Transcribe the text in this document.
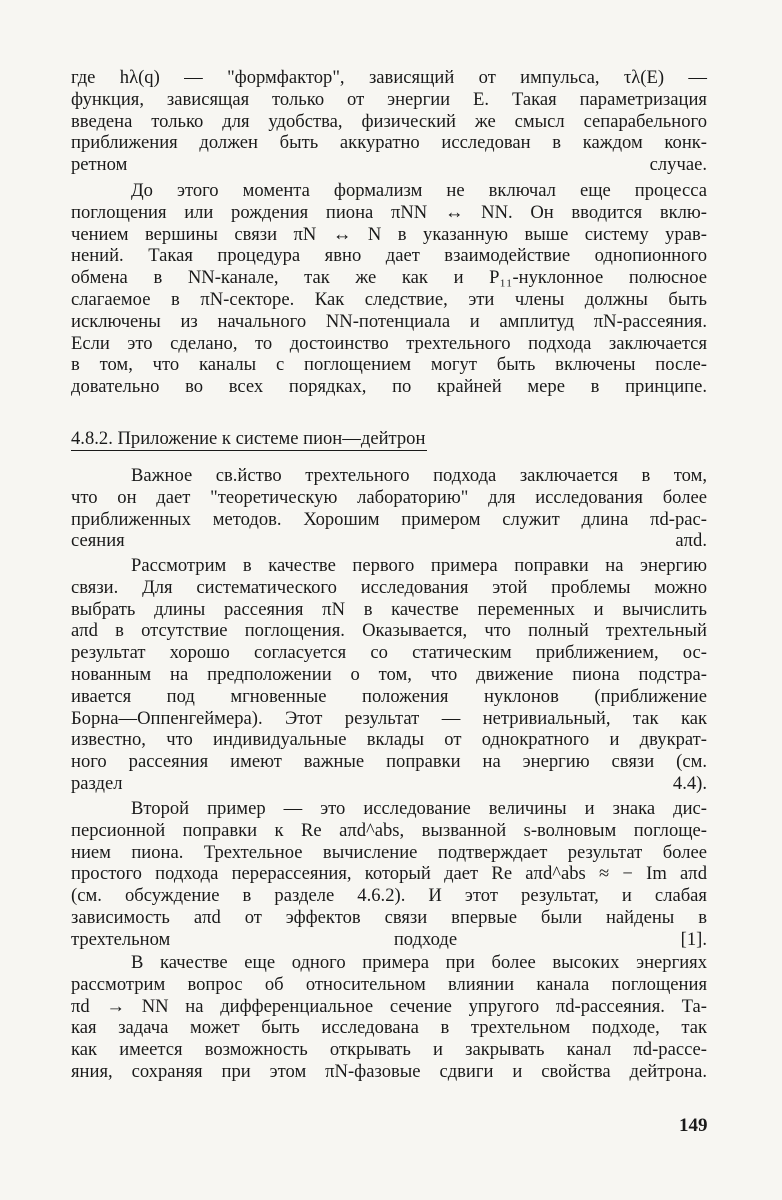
где hλ(q) — "формфактор", зависящий от импульса, τλ(E) —
функция, зависящая только от энергии E. Такая параметризация
введена только для удобства, физический же смысл сепарабельного
приближения должен быть аккуратно исследован в каждом конк-
ретном случае.
До этого момента формализм не включал еще процесса
поглощения или рождения пиона πNN ↔ NN. Он вводится вклю-
чением вершины связи πN ↔ N в указанную выше систему урав-
нений. Такая процедура явно дает взаимодействие однопионного
обмена в NN-канале, так же как и P₁₁-нуклонное полюсное
слагаемое в πN-секторе. Как следствие, эти члены должны быть
исключены из начального NN-потенциала и амплитуд πN-рассеяния.
Если это сделано, то достоинство трехтельного подхода заключается
в том, что каналы с поглощением могут быть включены после-
довательно во всех порядках, по крайней мере в принципе.
4.8.2. Приложение к системе пион—дейтрон
Важное св.йство трехтельного подхода заключается в том,
что он дает "теоретическую лабораторию" для исследования более
приближенных методов. Хорошим примером служит длина πd-рас-
сеяния aπd.
Рассмотрим в качестве первого примера поправки на энергию
связи. Для систематического исследования этой проблемы можно
выбрать длины рассеяния πN в качестве переменных и вычислить
aπd в отсутствие поглощения. Оказывается, что полный трехтельный
результат хорошо согласуется со статическим приближением, ос-
нованным на предположении о том, что движение пиона подстра-
ивается под мгновенные положения нуклонов (приближение
Борна—Оппенгеймера). Этот результат — нетривиальный, так как
известно, что индивидуальные вклады от однократного и двукрат-
ного рассеяния имеют важные поправки на энергию связи (см.
раздел 4.4).
Второй пример — это исследование величины и знака дис-
персионной поправки к Re aπd^abs, вызванной s-волновым поглоще-
нием пиона. Трехтельное вычисление подтверждает результат более
простого подхода перерассеяния, который дает Re aπd^abs ≈ − Im aπd
(см. обсуждение в разделе 4.6.2). И этот результат, и слабая
зависимость aπd от эффектов связи впервые были найдены в
трехтельном подходе [1].
В качестве еще одного примера при более высоких энергиях
рассмотрим вопрос об относительном влиянии канала поглощения
πd → NN на дифференциальное сечение упругого πd-рассеяния. Та-
кая задача может быть исследована в трехтельном подходе, так
как имеется возможность открывать и закрывать канал πd-рассе-
яния, сохраняя при этом πN-фазовые сдвиги и свойства дейтрона.
149
